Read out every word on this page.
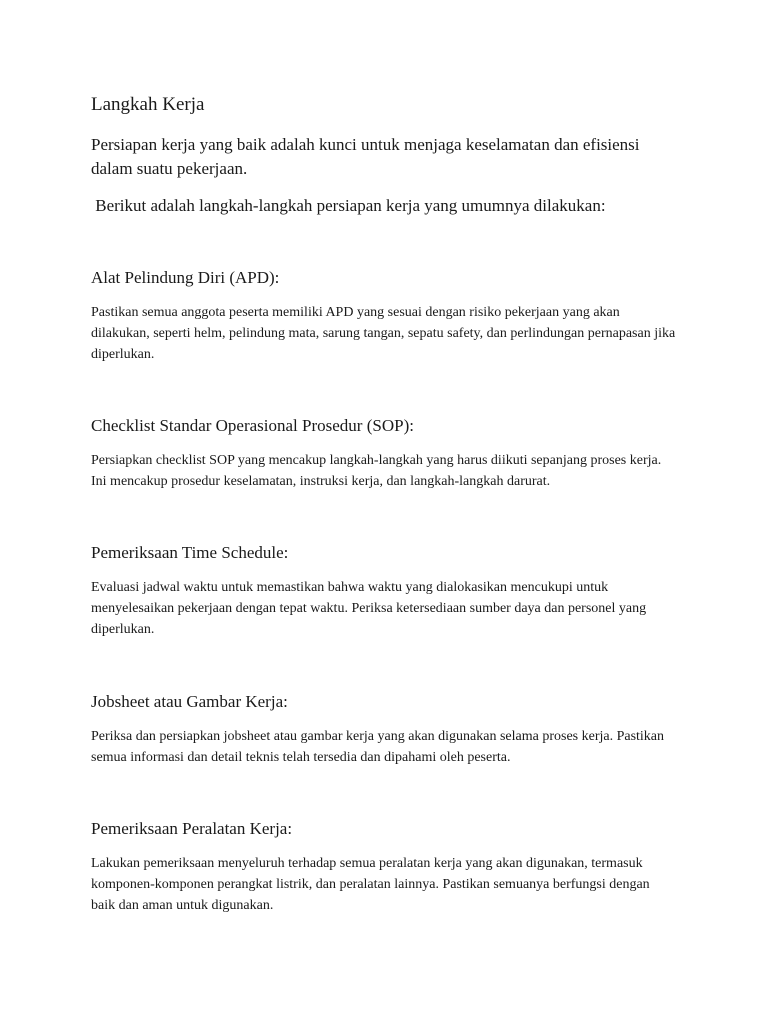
Langkah Kerja
Persiapan kerja yang baik adalah kunci untuk menjaga keselamatan dan efisiensi dalam suatu pekerjaan.
Berikut adalah langkah-langkah persiapan kerja yang umumnya dilakukan:
Alat Pelindung Diri (APD):
Pastikan semua anggota peserta memiliki APD yang sesuai dengan risiko pekerjaan yang akan dilakukan, seperti helm, pelindung mata, sarung tangan, sepatu safety, dan perlindungan pernapasan jika diperlukan.
Checklist Standar Operasional Prosedur (SOP):
Persiapkan checklist SOP yang mencakup langkah-langkah yang harus diikuti sepanjang proses kerja. Ini mencakup prosedur keselamatan, instruksi kerja, dan langkah-langkah darurat.
Pemeriksaan Time Schedule:
Evaluasi jadwal waktu untuk memastikan bahwa waktu yang dialokasikan mencukupi untuk menyelesaikan pekerjaan dengan tepat waktu. Periksa ketersediaan sumber daya dan personel yang diperlukan.
Jobsheet atau Gambar Kerja:
Periksa dan persiapkan jobsheet atau gambar kerja yang akan digunakan selama proses kerja. Pastikan semua informasi dan detail teknis telah tersedia dan dipahami oleh peserta.
Pemeriksaan Peralatan Kerja:
Lakukan pemeriksaan menyeluruh terhadap semua peralatan kerja yang akan digunakan, termasuk komponen-komponen perangkat listrik, dan peralatan lainnya. Pastikan semuanya berfungsi dengan baik dan aman untuk digunakan.
